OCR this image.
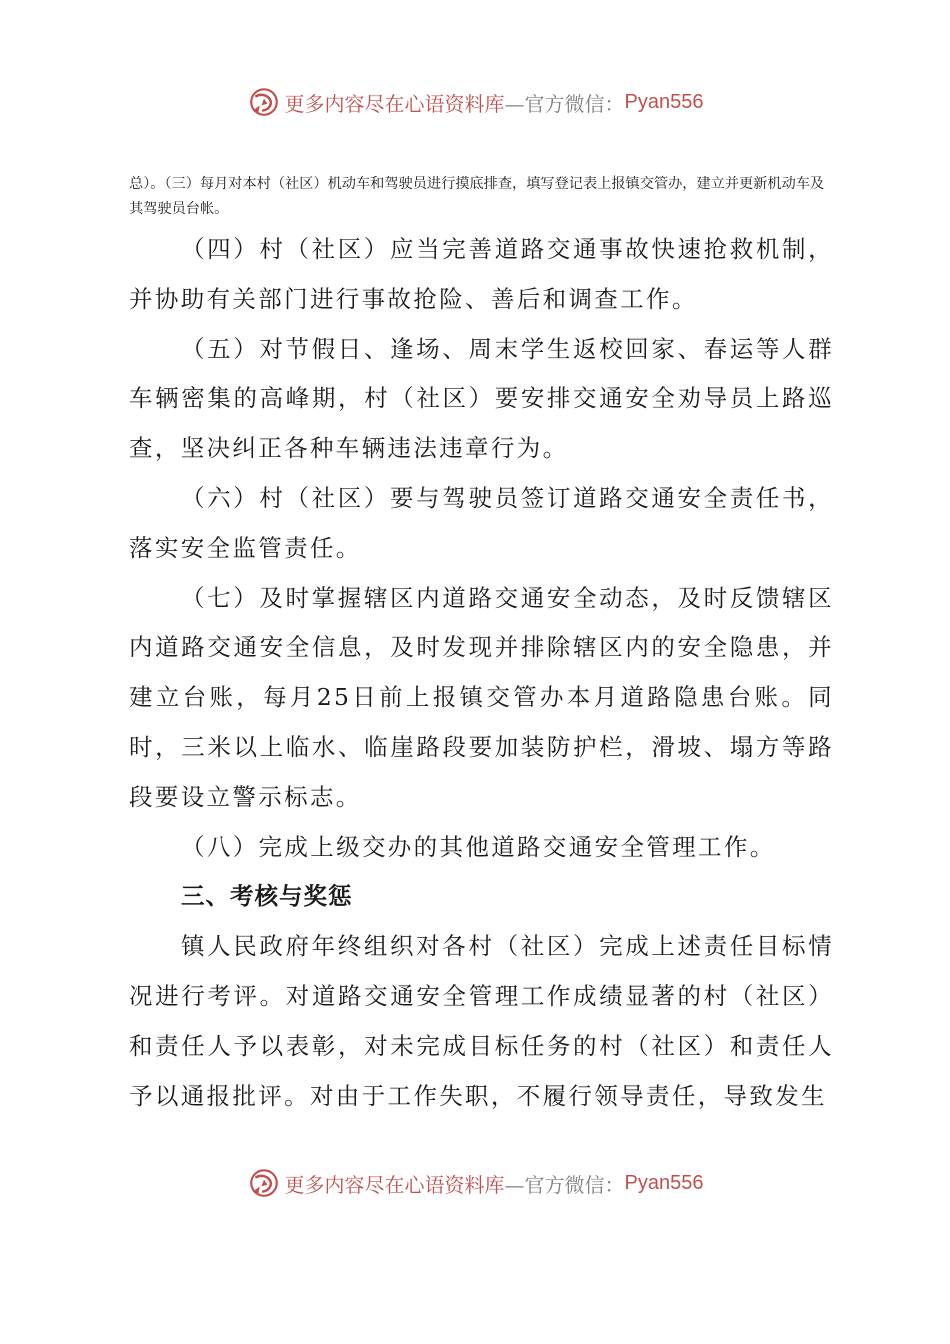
更多内容尽在心语资料库 —官方微信： Pyan556

总）。（三）每月对本村（社区）机动车和驾驶员进行摸底排查，填写登记表上报镇交管办，建立并更新机动车及其驾驶员台帐。

（四）村（社区）应当完善道路交通事故快速抢救机制，并协助有关部门进行事故抢险、善后和调查工作。

（五）对节假日、逢场、周末学生返校回家、春运等人群车辆密集的高峰期，村（社区）要安排交通安全劝导员上路巡查，坚决纠正各种车辆违法违章行为。

（六）村（社区）要与驾驶员签订道路交通安全责任书，落实安全监管责任。

（七）及时掌握辖区内道路交通安全动态，及时反馈辖区内道路交通安全信息，及时发现并排除辖区内的安全隐患，并建立台账，每月25日前上报镇交管办本月道路隐患台账。同时，三米以上临水、临崖路段要加装防护栏，滑坡、塌方等路段要设立警示标志。

（八）完成上级交办的其他道路交通安全管理工作。

三、考核与奖惩

镇人民政府年终组织对各村（社区）完成上述责任目标情况进行考评。对道路交通安全管理工作成绩显著的村（社区）和责任人予以表彰，对未完成目标任务的村（社区）和责任人予以通报批评。对由于工作失职，不履行领导责任，导致发生

更多内容尽在心语资料库 —官方微信： Pyan556
